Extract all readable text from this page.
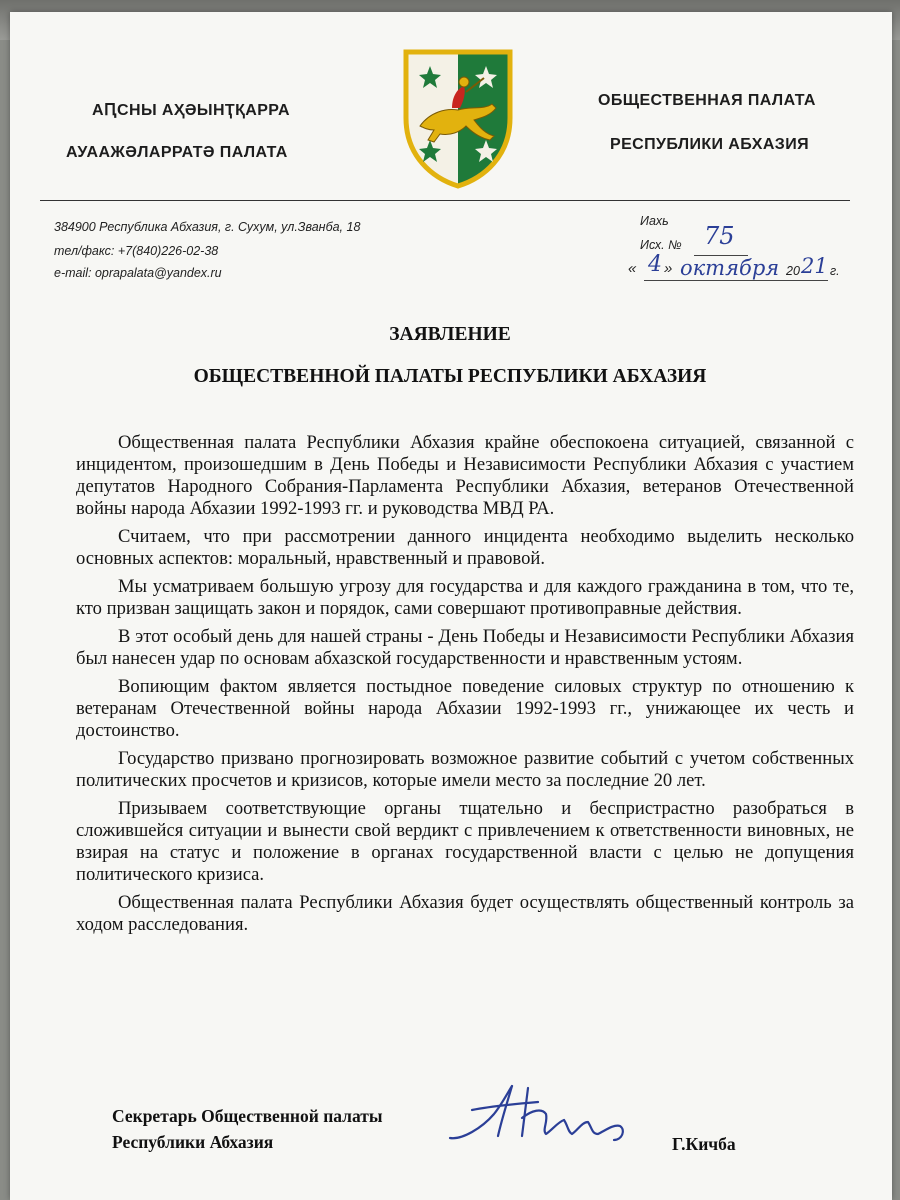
АԤСНЫ АҲӘЫНҬҚАРРА
АУААЖӘЛАРРАТӘ ПАЛАТА
ОБЩЕСТВЕННАЯ ПАЛАТА
РЕСПУБЛИКИ АБХАЗИЯ
384900 Республика Абхазия, г. Сухум, ул.Званба, 18
тел/факс: +7(840)226-02-38
e-mail: oprapalata@yandex.ru
Иахь
Исх. № 75
« 4 » октября 20 21 г.
ЗАЯВЛЕНИЕ
ОБЩЕСТВЕННОЙ ПАЛАТЫ РЕСПУБЛИКИ АБХАЗИЯ

Общественная палата Республики Абхазия крайне обеспокоена ситуацией, связанной с инцидентом, произошедшим в День Победы и Независимости Республики Абхазия с участием депутатов Народного Собрания-Парламента Республики Абхазия, ветеранов Отечественной войны народа Абхазии 1992-1993 гг. и руководства МВД РА.

Считаем, что при рассмотрении данного инцидента необходимо выделить несколько основных аспектов: моральный, нравственный и правовой.

Мы усматриваем большую угрозу для государства и для каждого гражданина в том, что те, кто призван защищать закон и порядок, сами совершают противоправные действия.

В этот особый день для нашей страны - День Победы и Независимости Республики Абхазия был нанесен удар по основам абхазской государственности и нравственным устоям.

Вопиющим фактом является постыдное поведение силовых структур по отношению к ветеранам Отечественной войны народа Абхазии 1992-1993 гг., унижающее их честь и достоинство.

Государство призвано прогнозировать возможное развитие событий с учетом собственных политических просчетов и кризисов, которые имели место за последние 20 лет.

Призываем соответствующие органы тщательно и беспристрастно разобраться в сложившейся ситуации и вынести свой вердикт с привлечением к ответственности виновных, не взирая на статус и положение в органах государственной власти с целью не допущения политического кризиса.

Общественная палата Республики Абхазия будет осуществлять общественный контроль за ходом расследования.

Секретарь Общественной палаты
Республики Абхазия	Г.Кичба
